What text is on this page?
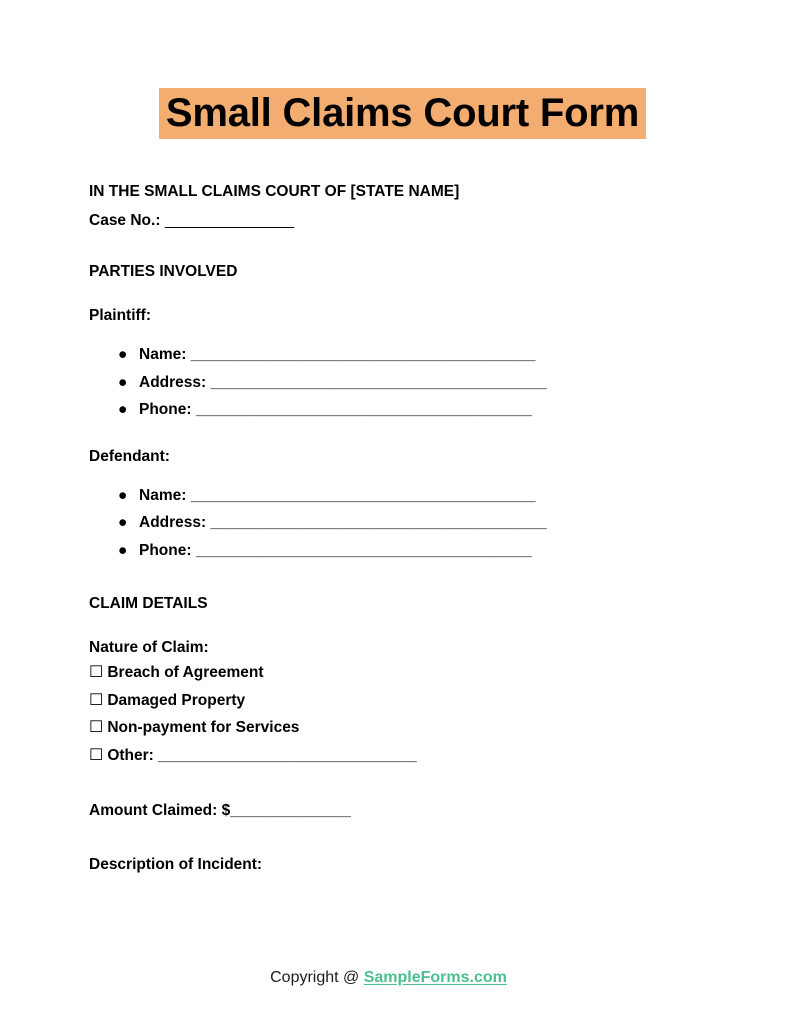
Small Claims Court Form
IN THE SMALL CLAIMS COURT OF [STATE NAME]
Case No.: _______________
PARTIES INVOLVED
Plaintiff:
● Name: ________________________________________
● Address: _______________________________________
● Phone: _______________________________________
Defendant:
● Name: ________________________________________
● Address: _______________________________________
● Phone: _______________________________________
CLAIM DETAILS
Nature of Claim:
☐ Breach of Agreement
☐ Damaged Property
☐ Non-payment for Services
☐ Other: ______________________________
Amount Claimed: $______________
Description of Incident:
Copyright @ SampleForms.com
